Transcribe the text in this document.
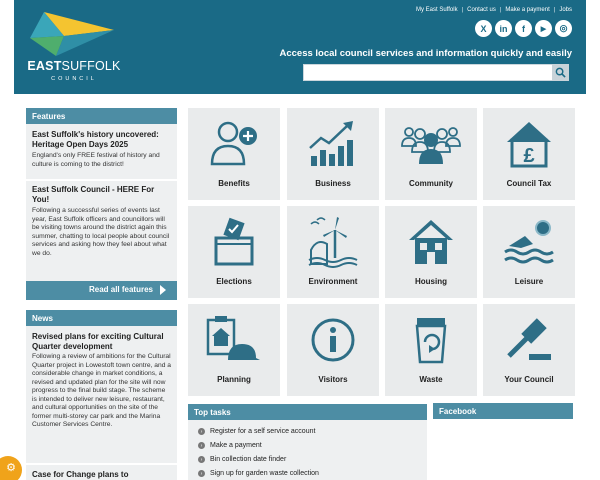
EASTSUFFOLK
COUNCIL
My East Suffolk | Contact us | Make a payment | Jobs
X	in	f	▶	◎
Access local council services and information quickly and easily
Features
East Suffolk's history uncovered: Heritage Open Days 2025
England's only FREE festival of history and culture is coming to the district!
East Suffolk Council - HERE For You!
Following a successful series of events last year, East Suffolk officers and councillors will be visiting towns around the district again this summer, chatting to local people about council services and asking how they feel about what we do.
Read all features
News
Revised plans for exciting Cultural Quarter development
Following a review of ambitions for the Cultural Quarter project in Lowestoft town centre, and a considerable change in market conditions, a revised and updated plan for the site will now progress to the final build stage. The scheme is intended to deliver new leisure, restaurant, and cultural opportunities on the site of the former multi-storey car park and the Marina Customer Services Centre.
Case for Change plans to
Benefits	Business	Community
£
Council Tax
Elections	Environment	Housing	Leisure
Planning	Visitors	Waste	Your Council
Top tasks
›	Register for a self service account
›	Make a payment
›	Bin collection date finder
›	Sign up for garden waste collection
Facebook
⚙
